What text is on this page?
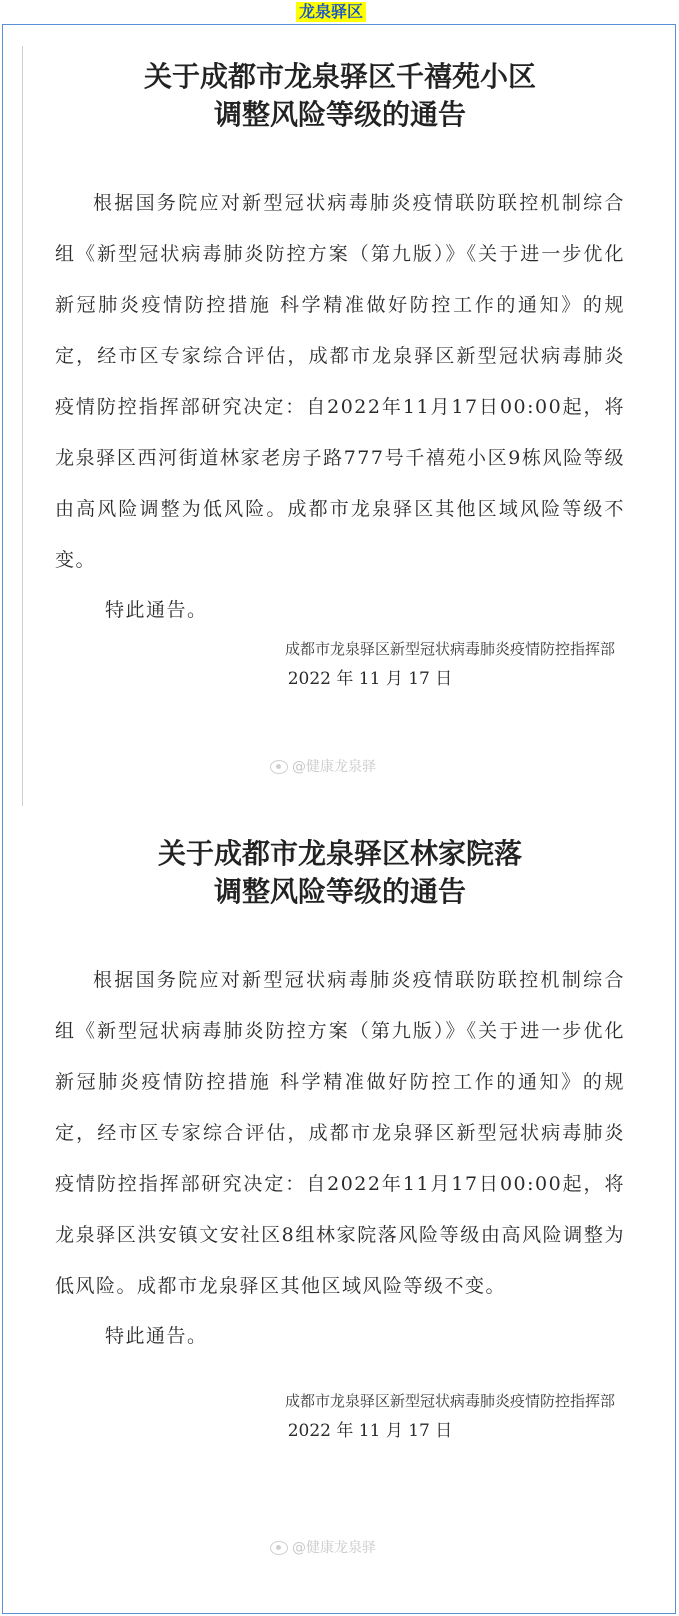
龙泉驿区
关于成都市龙泉驿区千禧苑小区
调整风险等级的通告

根据国务院应对新型冠状病毒肺炎疫情联防联控机制综合组《新型冠状病毒肺炎防控方案（第九版）》《关于进一步优化新冠肺炎疫情防控措施 科学精准做好防控工作的通知》的规定，经市区专家综合评估，成都市龙泉驿区新型冠状病毒肺炎疫情防控指挥部研究决定：自2022年11月17日00:00起，将龙泉驿区西河街道林家老房子路777号千禧苑小区9栋风险等级由高风险调整为低风险。成都市龙泉驿区其他区域风险等级不变。

特此通告。
成都市龙泉驿区新型冠状病毒肺炎疫情防控指挥部
2022 年 11 月 17 日
@健康龙泉驿
关于成都市龙泉驿区林家院落
调整风险等级的通告

根据国务院应对新型冠状病毒肺炎疫情联防联控机制综合组《新型冠状病毒肺炎防控方案（第九版）》《关于进一步优化新冠肺炎疫情防控措施 科学精准做好防控工作的通知》的规定，经市区专家综合评估，成都市龙泉驿区新型冠状病毒肺炎疫情防控指挥部研究决定：自2022年11月17日00:00起，将龙泉驿区洪安镇文安社区8组林家院落风险等级由高风险调整为低风险。成都市龙泉驿区其他区域风险等级不变。

特此通告。
成都市龙泉驿区新型冠状病毒肺炎疫情防控指挥部
2022 年 11 月 17 日
@健康龙泉驿
